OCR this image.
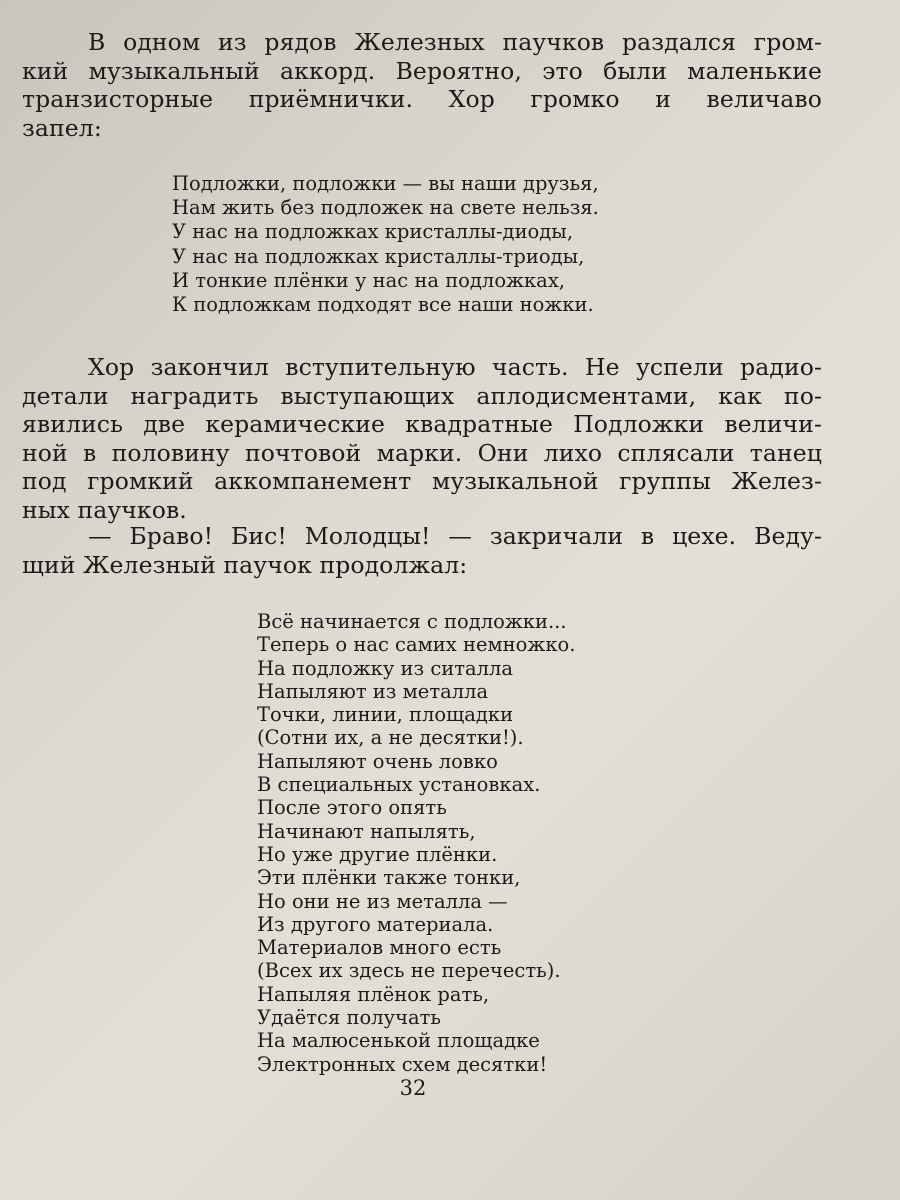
В одном из рядов Железных паучков раздался гром-
кий музыкальный аккорд. Вероятно, это были маленькие
транзисторные приёмнички. Хор громко и величаво
запел:

Подложки, подложки — вы наши друзья,
Нам жить без подложек на свете нельзя.
У нас на подложках кристаллы-диоды,
У нас на подложках кристаллы-триоды,
И тонкие плёнки у нас на подложках,
К подложкам подходят все наши ножки.

Хор закончил вступительную часть. Не успели радио-
детали наградить выступающих аплодисментами, как по-
явились две керамические квадратные Подложки величи-
ной в половину почтовой марки. Они лихо сплясали танец
под громкий аккомпанемент музыкальной группы Желез-
ных паучков.

— Браво! Бис! Молодцы! — закричали в цехе. Веду-
щий Железный паучок продолжал:

Всё начинается с подложки...
Теперь о нас самих немножко.
На подложку из ситалла
Напыляют из металла
Точки, линии, площадки
(Сотни их, а не десятки!).
Напыляют очень ловко
В специальных установках.
После этого опять
Начинают напылять,
Но уже другие плёнки.
Эти плёнки также тонки,
Но они не из металла —
Из другого материала.
Материалов много есть
(Всех их здесь не перечесть).
Напыляя плёнок рать,
Удаётся получать
На малюсенькой площадке
Электронных схем десятки!
32
